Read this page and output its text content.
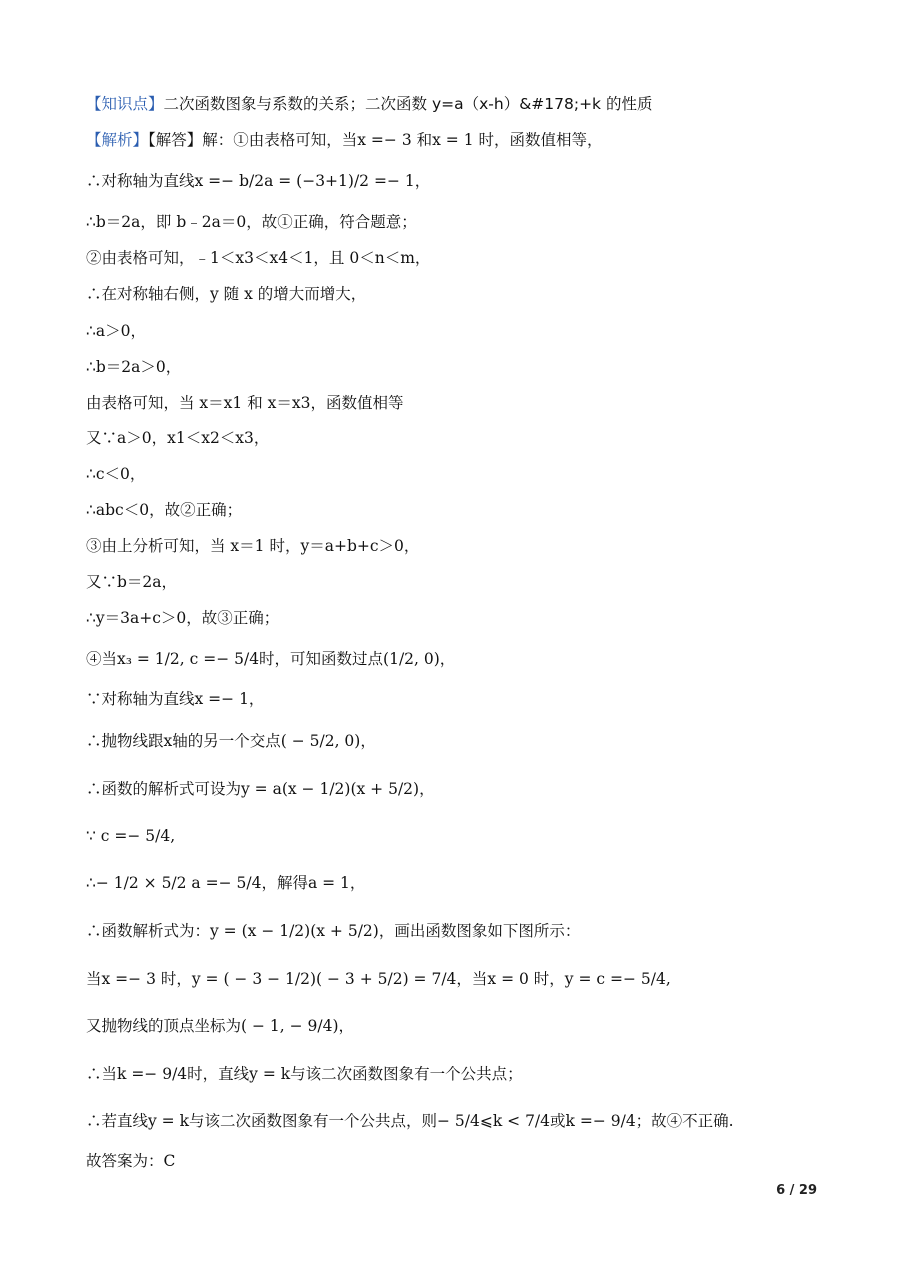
【知识点】二次函数图象与系数的关系；二次函数 y=a（x-h）&#178;+k 的性质
【解析】【解答】解：①由表格可知，当x =− 3 和x = 1 时，函数值相等，
∴对称轴为直线x =− b/2a = (−3+1)/2 =− 1，
∴b＝2a，即 b﹣2a＝0，故①正确，符合题意；
②由表格可知，﹣1＜x3＜x4＜1，且 0＜n＜m，
∴在对称轴右侧，y 随 x 的增大而增大，
∴a＞0，
∴b＝2a＞0，
由表格可知，当 x＝x1 和 x＝x3，函数值相等
又∵a＞0，x1＜x2＜x3，
∴c＜0，
∴abc＜0，故②正确；
③由上分析可知，当 x＝1 时，y＝a+b+c＞0，
又∵b＝2a，
∴y＝3a+c＞0，故③正确；
④当x₃ = 1/2, c =− 5/4时，可知函数过点(1/2, 0)，
∵对称轴为直线x =− 1，
∴抛物线跟x轴的另一个交点( − 5/2, 0)，
∴函数的解析式可设为y = a(x − 1/2)(x + 5/2)，
∵ c =− 5/4,
∴− 1/2 × 5/2 a =− 5/4，解得a = 1，
∴函数解析式为：y = (x − 1/2)(x + 5/2)，画出函数图象如下图所示：
当x =− 3 时，y = ( − 3 − 1/2)( − 3 + 5/2) = 7/4，当x = 0 时，y = c =− 5/4,
又抛物线的顶点坐标为( − 1, − 9/4)，
∴当k =− 9/4时，直线y = k与该二次函数图象有一个公共点；
∴若直线y = k与该二次函数图象有一个公共点，则− 5/4⩽k < 7/4或k =− 9/4；故④不正确.
故答案为：C
6 / 29
